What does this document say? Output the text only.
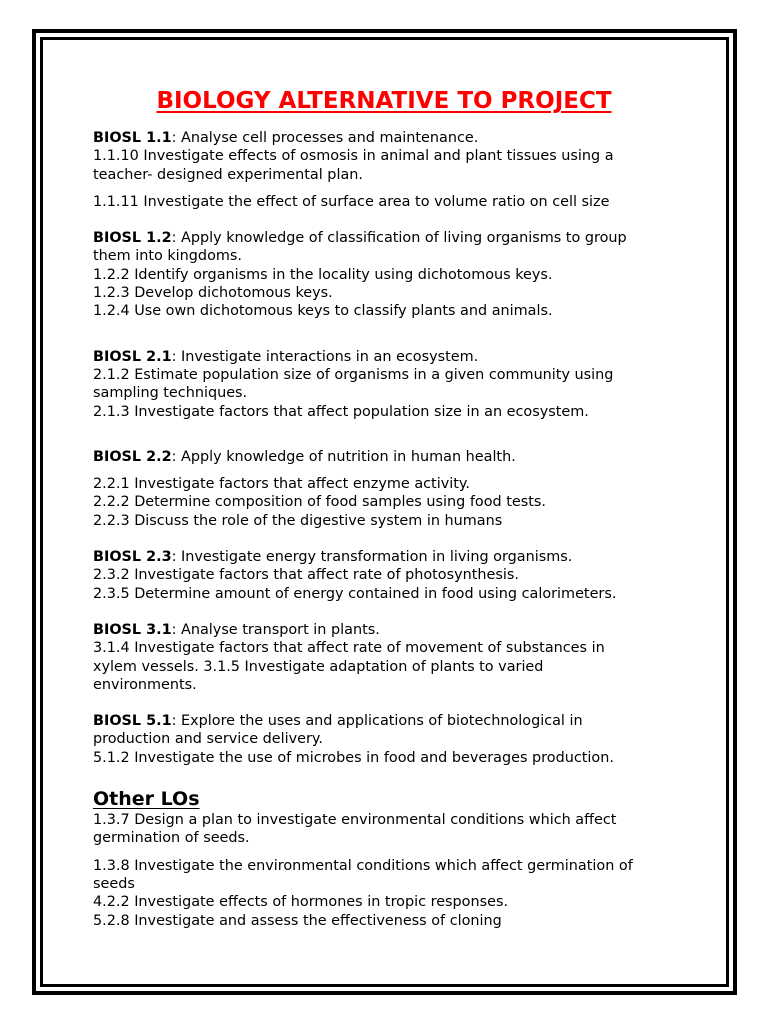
BIOLOGY ALTERNATIVE TO PROJECT
BIOSL 1.1: Analyse cell processes and maintenance.
1.1.10 Investigate effects of osmosis in animal and plant tissues using a
teacher- designed experimental plan.
1.1.11 Investigate the effect of surface area to volume ratio on cell size
BIOSL 1.2: Apply knowledge of classification of living organisms to group
them into kingdoms.
1.2.2 Identify organisms in the locality using dichotomous keys.
1.2.3 Develop dichotomous keys.
1.2.4 Use own dichotomous keys to classify plants and animals.
BIOSL 2.1: Investigate interactions in an ecosystem.
2.1.2 Estimate population size of organisms in a given community using
sampling techniques.
2.1.3 Investigate factors that affect population size in an ecosystem.
BIOSL 2.2: Apply knowledge of nutrition in human health.
2.2.1 Investigate factors that affect enzyme activity.
2.2.2 Determine composition of food samples using food tests.
2.2.3 Discuss the role of the digestive system in humans
BIOSL 2.3: Investigate energy transformation in living organisms.
2.3.2 Investigate factors that affect rate of photosynthesis.
2.3.5 Determine amount of energy contained in food using calorimeters.
BIOSL 3.1: Analyse transport in plants.
3.1.4 Investigate factors that affect rate of movement of substances in
xylem vessels. 3.1.5 Investigate adaptation of plants to varied
environments.
BIOSL 5.1: Explore the uses and applications of biotechnological in
production and service delivery.
5.1.2 Investigate the use of microbes in food and beverages production.
Other LOs
1.3.7 Design a plan to investigate environmental conditions which affect
germination of seeds.
1.3.8 Investigate the environmental conditions which affect germination of
seeds
4.2.2 Investigate effects of hormones in tropic responses.
5.2.8 Investigate and assess the effectiveness of cloning
